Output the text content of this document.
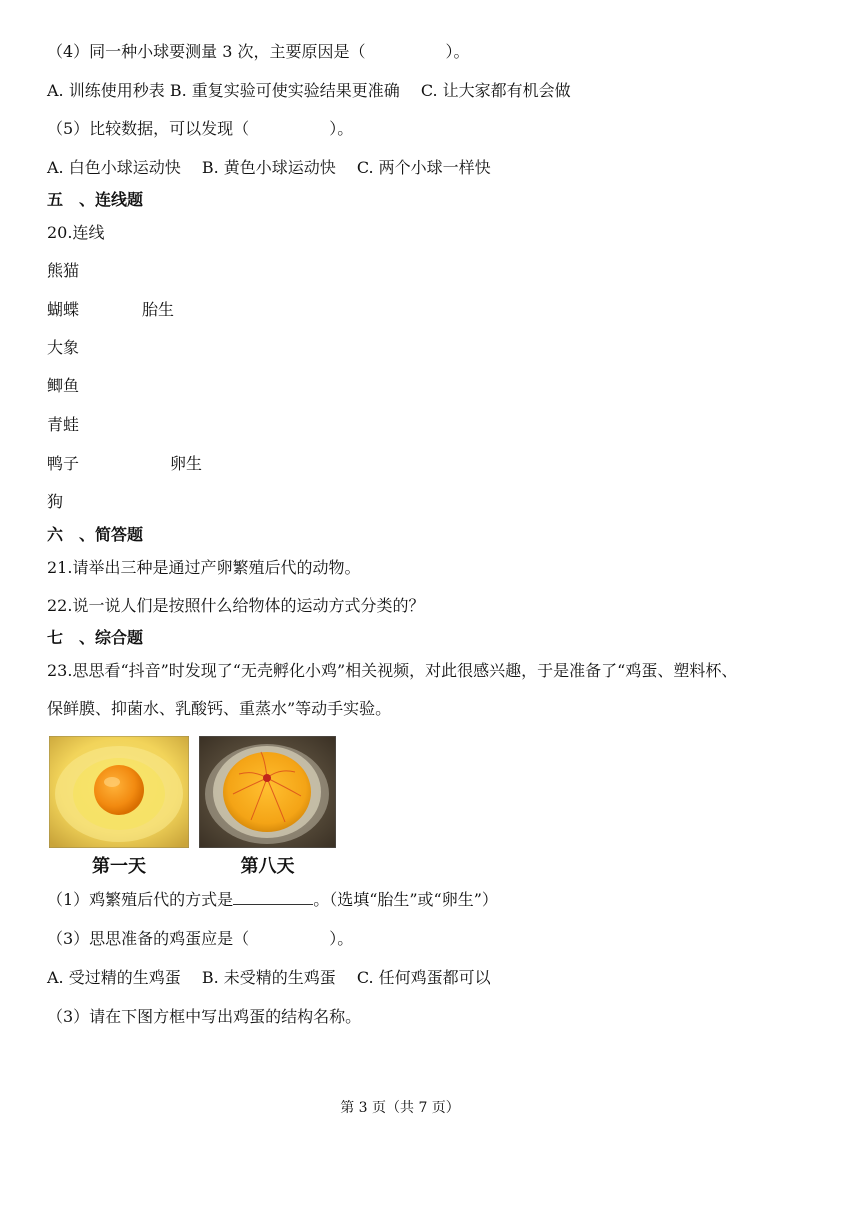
（4）同一种小球要测量 3 次，主要原因是（	）。
A. 训练使用秒表 B. 重复实验可使实验结果更准确　 C. 让大家都有机会做
（5）比较数据，可以发现（	）。
A. 白色小球运动快　 B. 黄色小球运动快　 C. 两个小球一样快
五　、连线题
20.连线
熊猫
蝴蝶	胎生
大象
鲫鱼
青蛙
鸭子	卵生
狗
六　、简答题
21.请举出三种是通过产卵繁殖后代的动物。
22.说一说人们是按照什么给物体的运动方式分类的？
七　、综合题
23.思思看“抖音”时发现了“无壳孵化小鸡”相关视频，对此很感兴趣，于是准备了“鸡蛋、塑料杯、
保鲜膜、抑菌水、乳酸钙、重蒸水”等动手实验。
第一天	第八天
（1）鸡繁殖后代的方式是	。（选填“胎生”或“卵生”）
（3）思思准备的鸡蛋应是（	）。
A. 受过精的生鸡蛋　 B. 未受精的生鸡蛋　 C. 任何鸡蛋都可以
（3）请在下图方框中写出鸡蛋的结构名称。
第 3 页（共 7 页）
